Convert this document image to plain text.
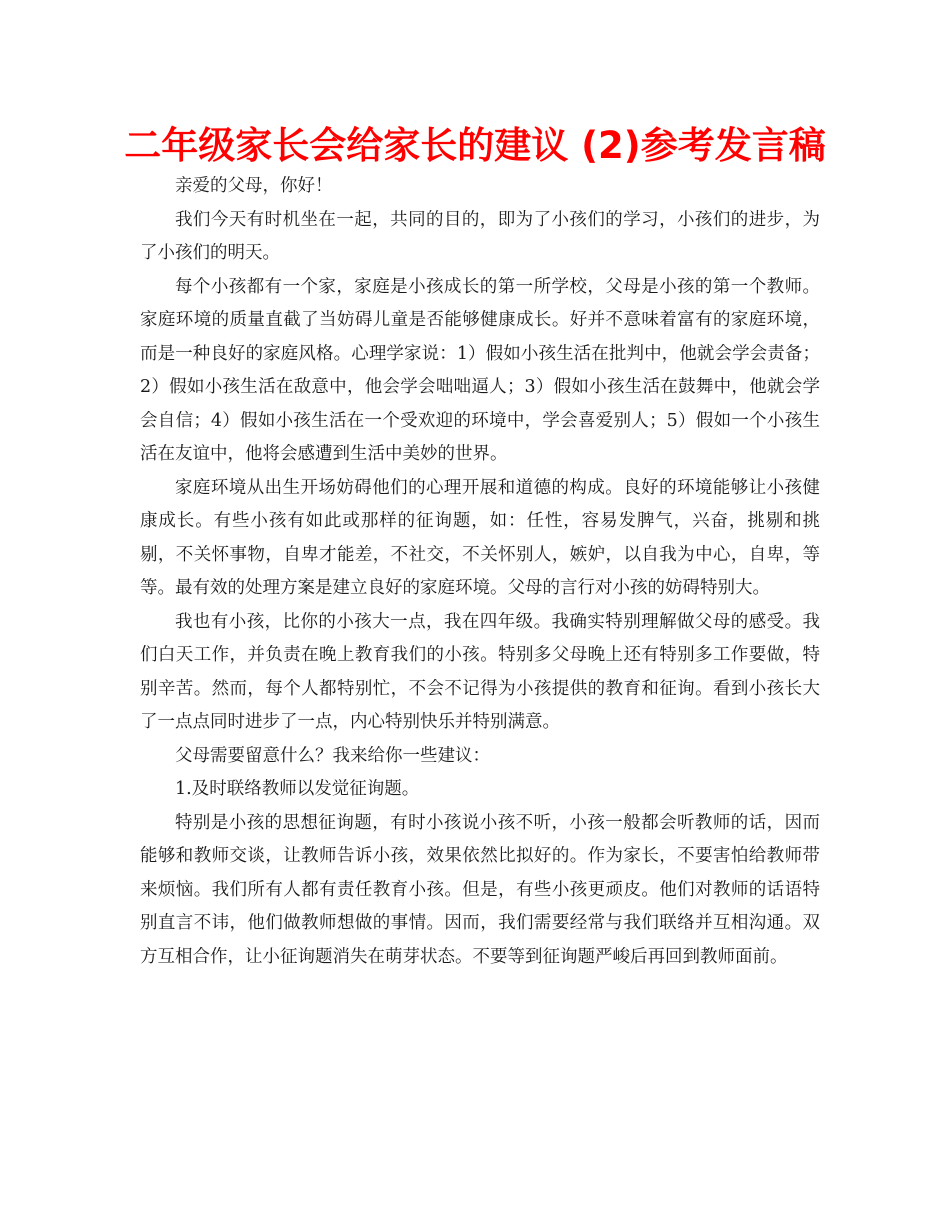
二年级家长会给家长的建议 (2)参考发言稿

亲爱的父母，你好！

我们今天有时机坐在一起，共同的目的，即为了小孩们的学习，小孩们的进步，为了小孩们的明天。

每个小孩都有一个家，家庭是小孩成长的第一所学校，父母是小孩的第一个教师。家庭环境的质量直截了当妨碍儿童是否能够健康成长。好并不意味着富有的家庭环境，而是一种良好的家庭风格。心理学家说：1）假如小孩生活在批判中，他就会学会责备；2）假如小孩生活在敌意中，他会学会咄咄逼人；3）假如小孩生活在鼓舞中，他就会学会自信；4）假如小孩生活在一个受欢迎的环境中，学会喜爱别人；5）假如一个小孩生活在友谊中，他将会感遭到生活中美妙的世界。

家庭环境从出生开场妨碍他们的心理开展和道德的构成。良好的环境能够让小孩健康成长。有些小孩有如此或那样的征询题，如：任性，容易发脾气，兴奋，挑剔和挑剔，不关怀事物，自卑才能差，不社交，不关怀别人，嫉妒，以自我为中心，自卑，等等。最有效的处理方案是建立良好的家庭环境。父母的言行对小孩的妨碍特别大。

我也有小孩，比你的小孩大一点，我在四年级。我确实特别理解做父母的感受。我们白天工作，并负责在晚上教育我们的小孩。特别多父母晚上还有特别多工作要做，特别辛苦。然而，每个人都特别忙，不会不记得为小孩提供的教育和征询。看到小孩长大了一点点同时进步了一点，内心特别快乐并特别满意。

父母需要留意什么？我来给你一些建议：

1.及时联络教师以发觉征询题。

特别是小孩的思想征询题，有时小孩说小孩不听，小孩一般都会听教师的话，因而能够和教师交谈，让教师告诉小孩，效果依然比拟好的。作为家长，不要害怕给教师带来烦恼。我们所有人都有责任教育小孩。但是，有些小孩更顽皮。他们对教师的话语特别直言不讳，他们做教师想做的事情。因而，我们需要经常与我们联络并互相沟通。双方互相合作，让小征询题消失在萌芽状态。不要等到征询题严峻后再回到教师面前。
